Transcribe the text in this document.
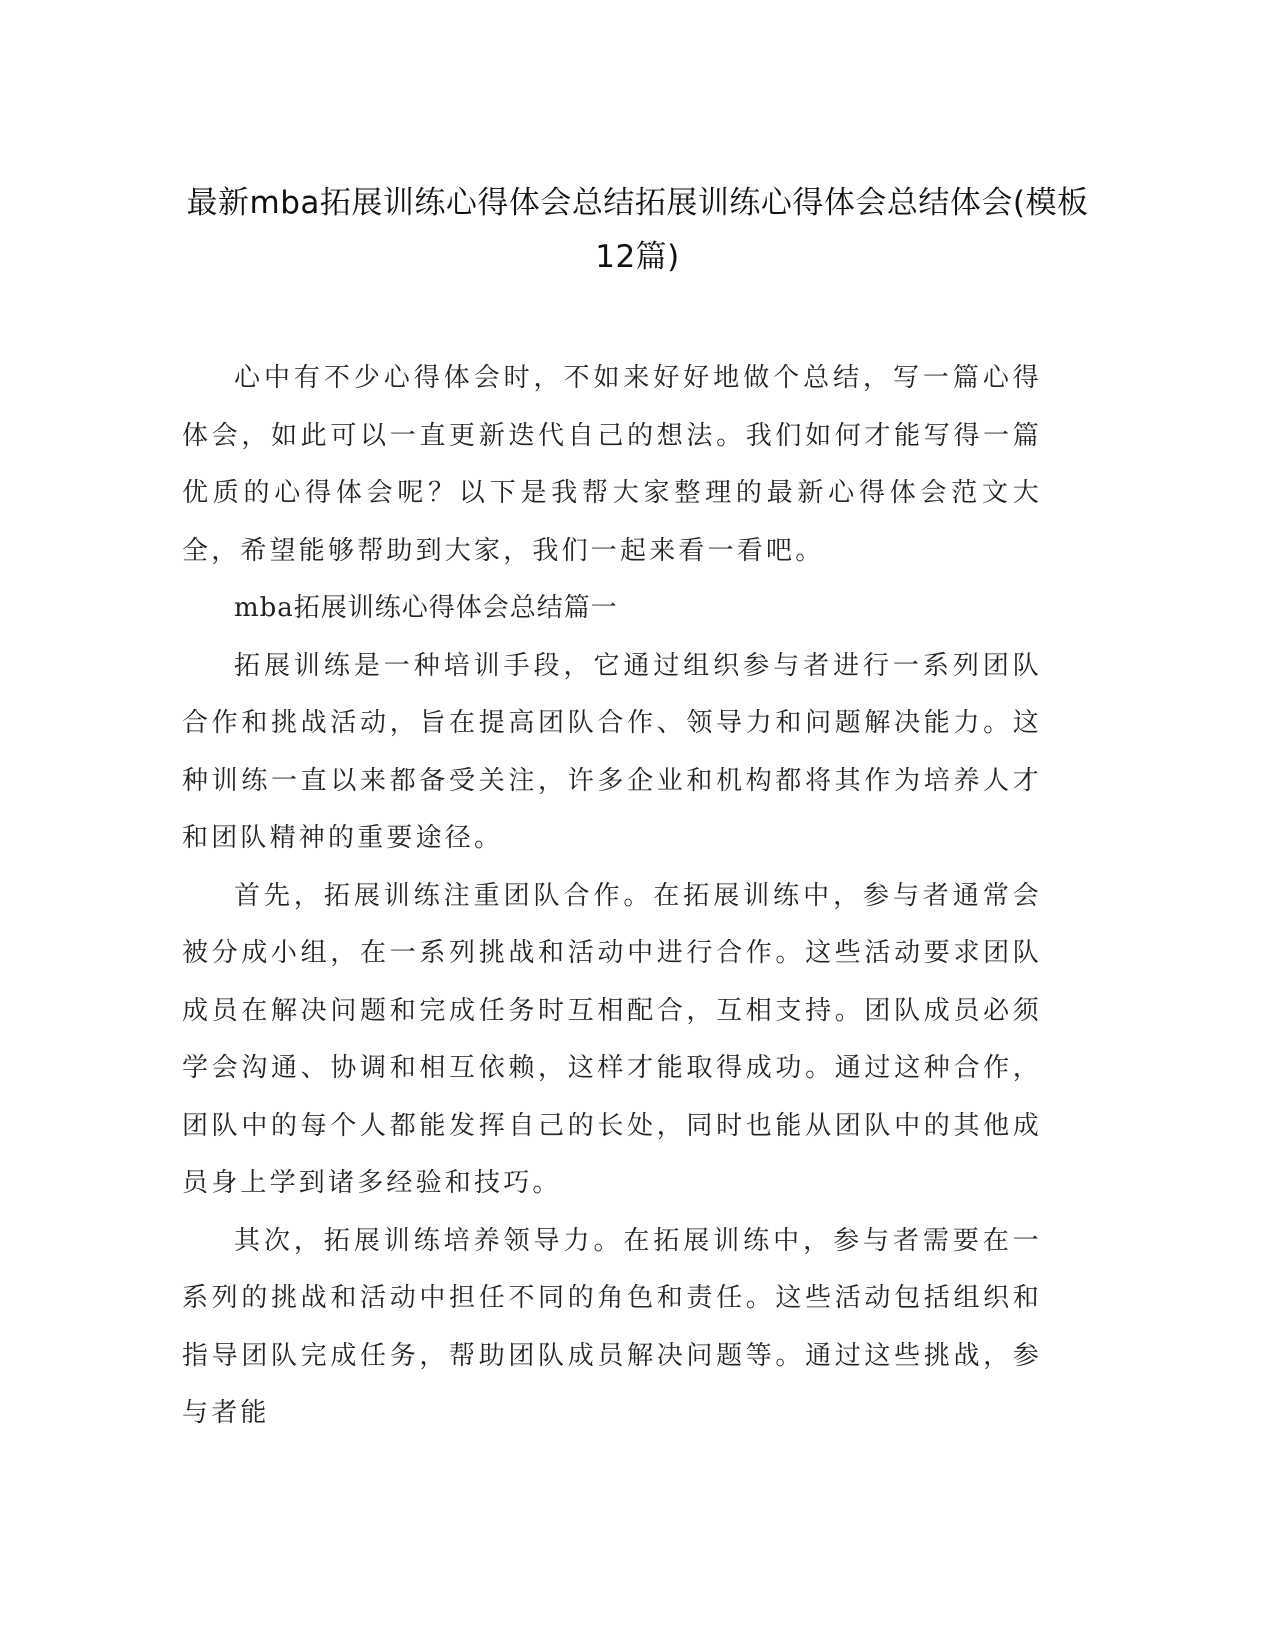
最新mba拓展训练心得体会总结拓展训练心得体会总结体会(模板12篇)

心中有不少心得体会时，不如来好好地做个总结，写一篇心得体会，如此可以一直更新迭代自己的想法。我们如何才能写得一篇优质的心得体会呢？以下是我帮大家整理的最新心得体会范文大全，希望能够帮助到大家，我们一起来看一看吧。

mba拓展训练心得体会总结篇一

拓展训练是一种培训手段，它通过组织参与者进行一系列团队合作和挑战活动，旨在提高团队合作、领导力和问题解决能力。这种训练一直以来都备受关注，许多企业和机构都将其作为培养人才和团队精神的重要途径。

首先，拓展训练注重团队合作。在拓展训练中，参与者通常会被分成小组，在一系列挑战和活动中进行合作。这些活动要求团队成员在解决问题和完成任务时互相配合，互相支持。团队成员必须学会沟通、协调和相互依赖，这样才能取得成功。通过这种合作，团队中的每个人都能发挥自己的长处，同时也能从团队中的其他成员身上学到诸多经验和技巧。

其次，拓展训练培养领导力。在拓展训练中，参与者需要在一系列的挑战和活动中担任不同的角色和责任。这些活动包括组织和指导团队完成任务，帮助团队成员解决问题等。通过这些挑战，参与者能
